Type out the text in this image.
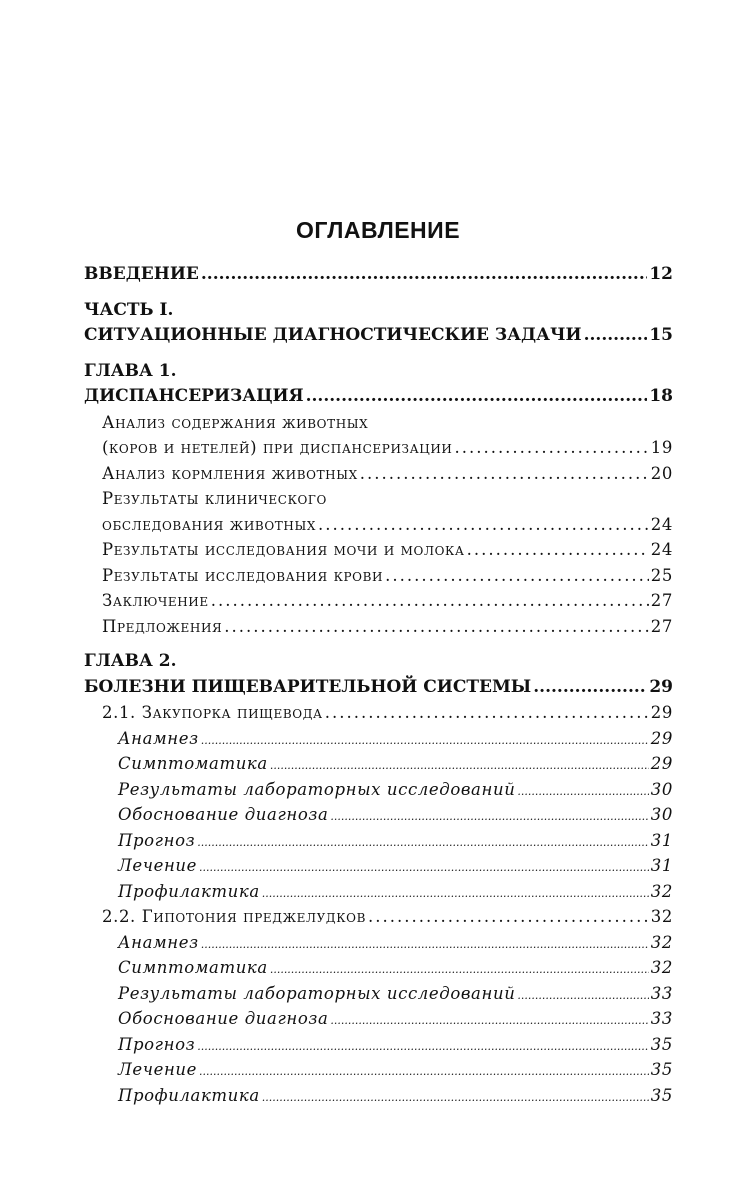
ОГЛАВЛЕНИЕ
ВВЕДЕНИЕ .....	12
ЧАСТЬ I.
СИТУАЦИОННЫЕ ДИАГНОСТИЧЕСКИЕ ЗАДАЧИ .....	15
ГЛАВА 1.
ДИСПАНСЕРИЗАЦИЯ .....	18
Анализ содержания животных
(коров и нетелей) при диспансеризации .....	19
Анализ кормления животных .....	20
Результаты клинического
обследования животных .....	24
Результаты исследования мочи и молока .....	24
Результаты исследования крови .....	25
Заключение .....	27
Предложения .....	27
ГЛАВА 2.
БОЛЕЗНИ ПИЩЕВАРИТЕЛЬНОЙ СИСТЕМЫ .....	29
2.1. Закупорка пищевода .....	29
Анамнез .....	29
Симптоматика .....	29
Результаты лабораторных исследований .....	30
Обоснование диагноза .....	30
Прогноз .....	31
Лечение .....	31
Профилактика .....	32
2.2. Гипотония преджелудков .....	32
Анамнез .....	32
Симптоматика .....	32
Результаты лабораторных исследований .....	33
Обоснование диагноза .....	33
Прогноз .....	35
Лечение .....	35
Профилактика .....	35
